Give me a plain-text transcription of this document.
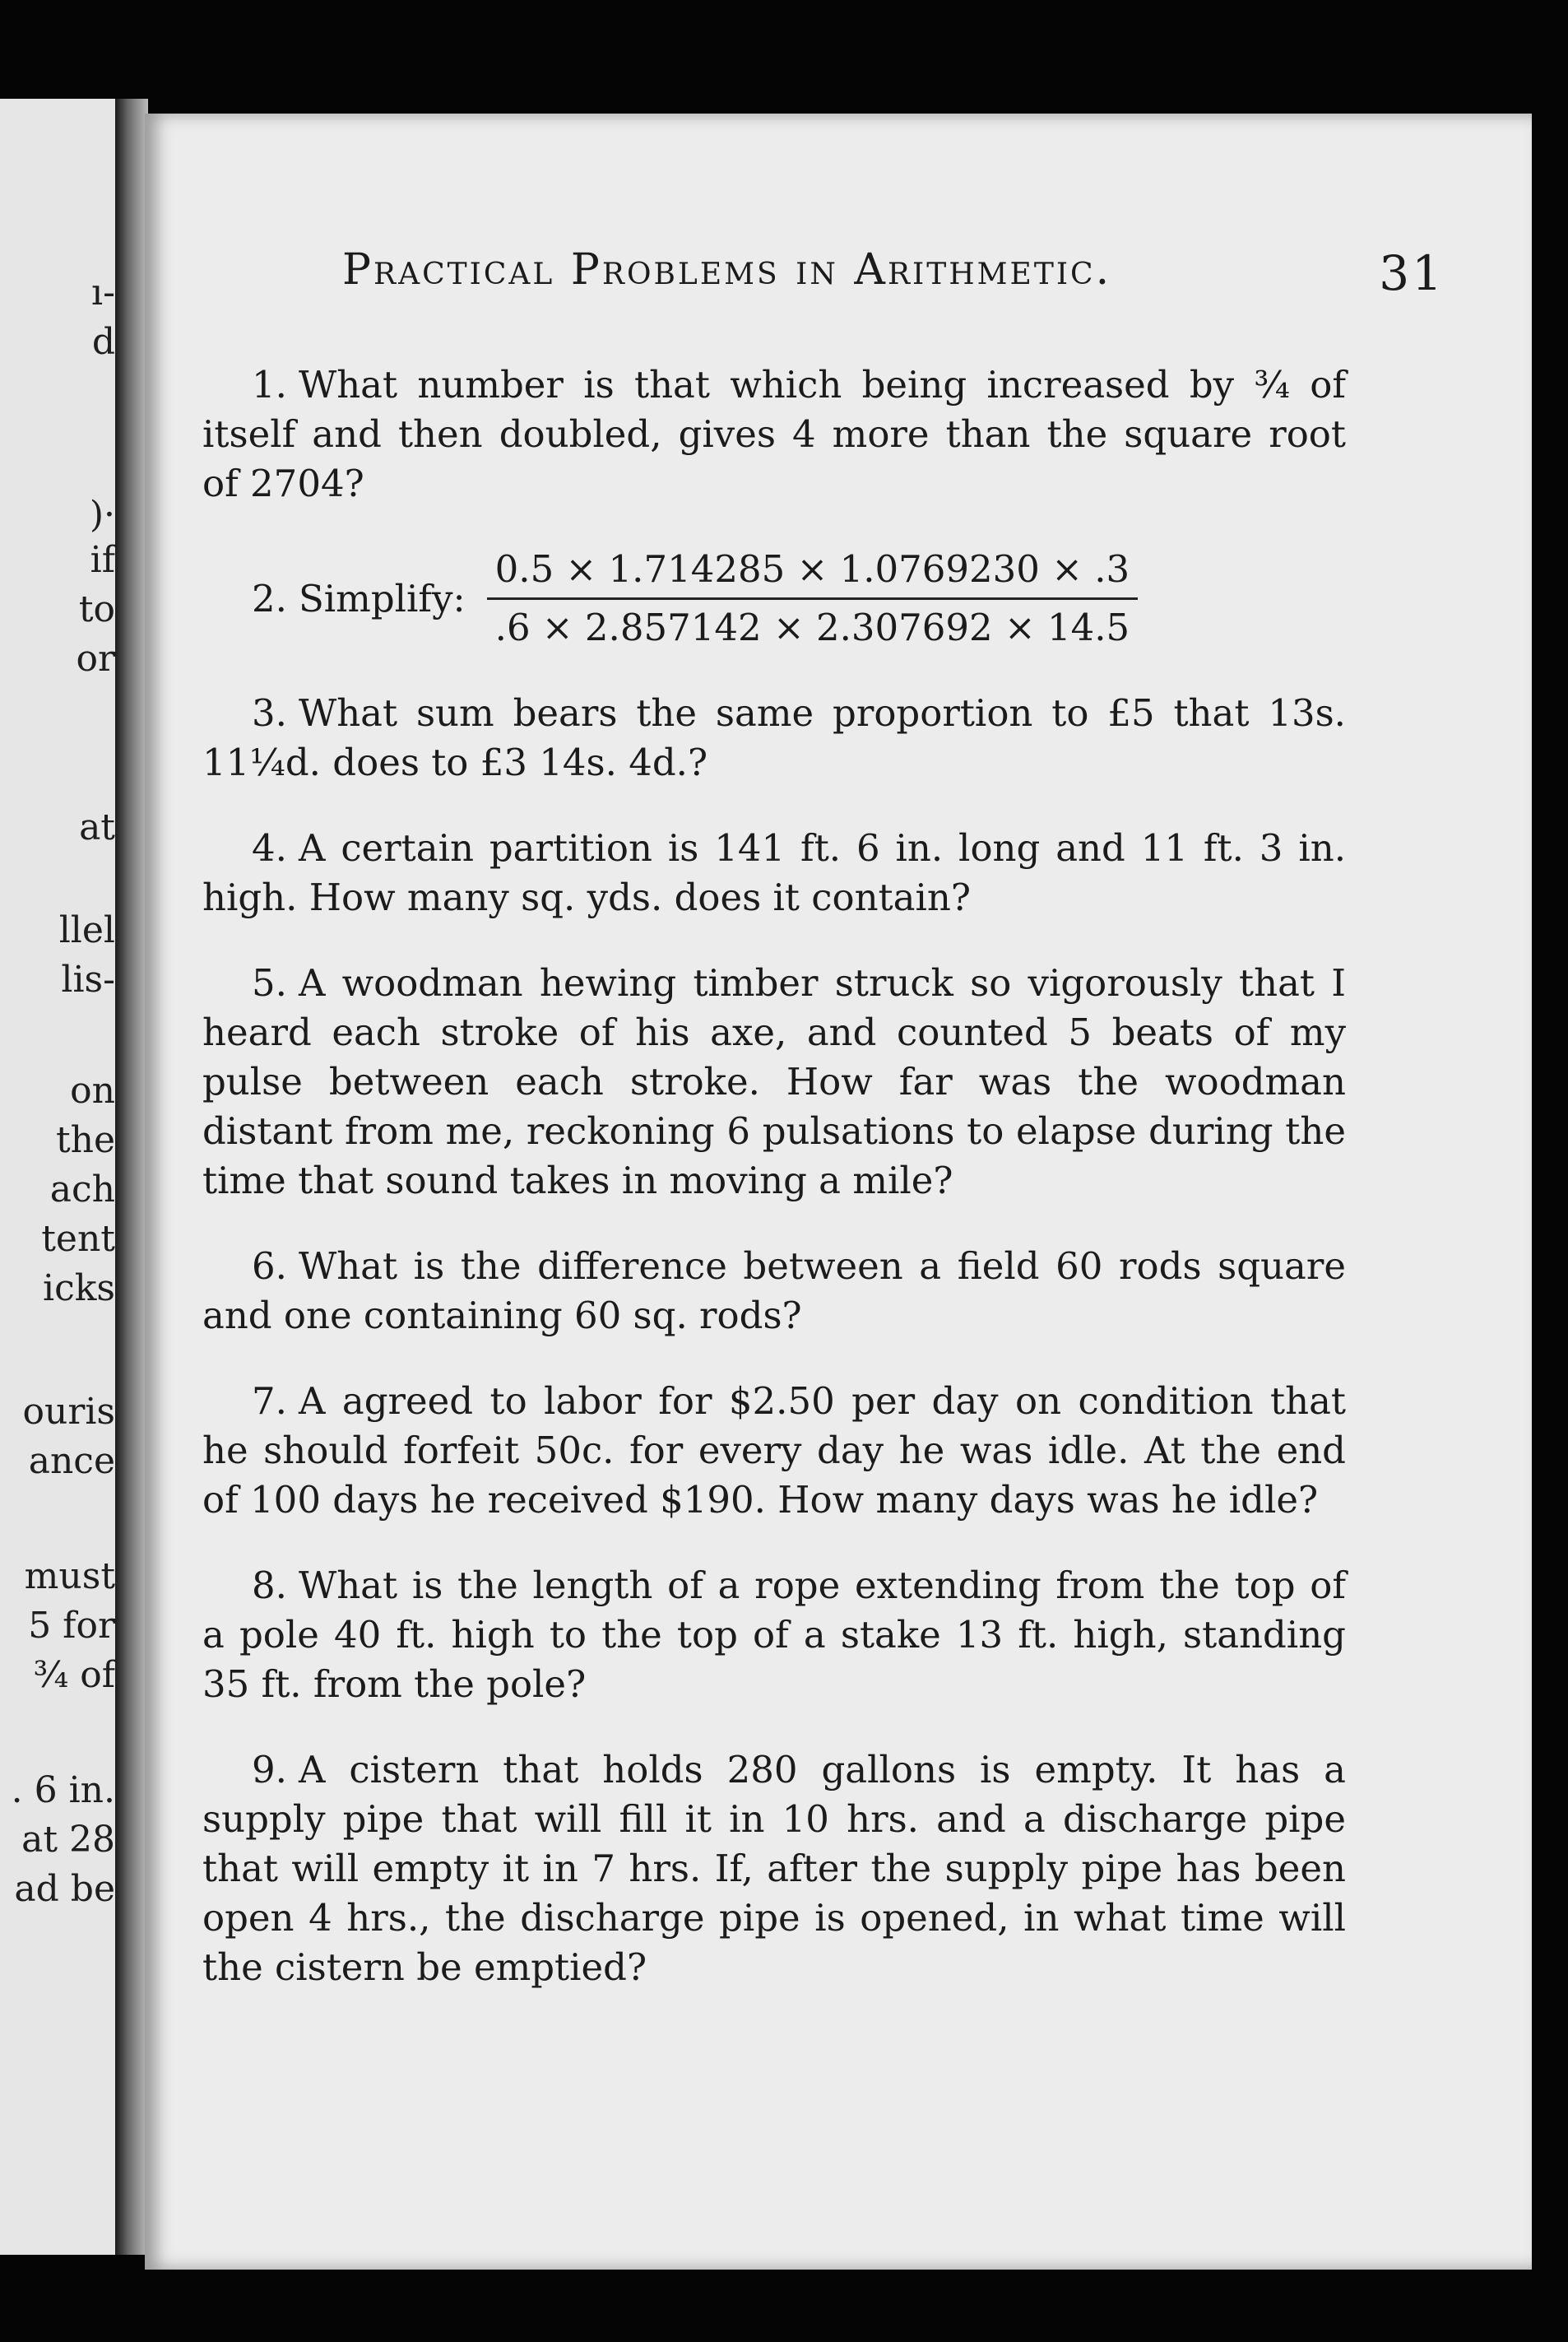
ı-
d
)·
if
to
or
at
llel
lis-
on
the
ach
tent
icks
ouris
ance
must
5 for
¾ of
. 6 in.
at 28
ad be
Practical Problems in Arithmetic.	31

1. What number is that which being increased by ¾ of itself and then doubled, gives 4 more than the square root of 2704?

2. Simplify: $\frac{0.5 \times 1.714285 \times 1.0769230 \times .3}{.6 \times 2.857142 \times 2.307692 \times 14.5}$

3. What sum bears the same proportion to £5 that 13s. 11¼d. does to £3 14s. 4d.?

4. A certain partition is 141 ft. 6 in. long and 11 ft. 3 in. high. How many sq. yds. does it contain?

5. A woodman hewing timber struck so vigorously that I heard each stroke of his axe, and counted 5 beats of my pulse between each stroke. How far was the woodman distant from me, reckoning 6 pulsations to elapse during the time that sound takes in moving a mile?

6. What is the difference between a field 60 rods square and one containing 60 sq. rods?

7. A agreed to labor for $2.50 per day on condition that he should forfeit 50c. for every day he was idle. At the end of 100 days he received $190. How many days was he idle?

8. What is the length of a rope extending from the top of a pole 40 ft. high to the top of a stake 13 ft. high, standing 35 ft. from the pole?

9. A cistern that holds 280 gallons is empty. It has a supply pipe that will fill it in 10 hrs. and a discharge pipe that will empty it in 7 hrs. If, after the supply pipe has been open 4 hrs., the discharge pipe is opened, in what time will the cistern be emptied?
